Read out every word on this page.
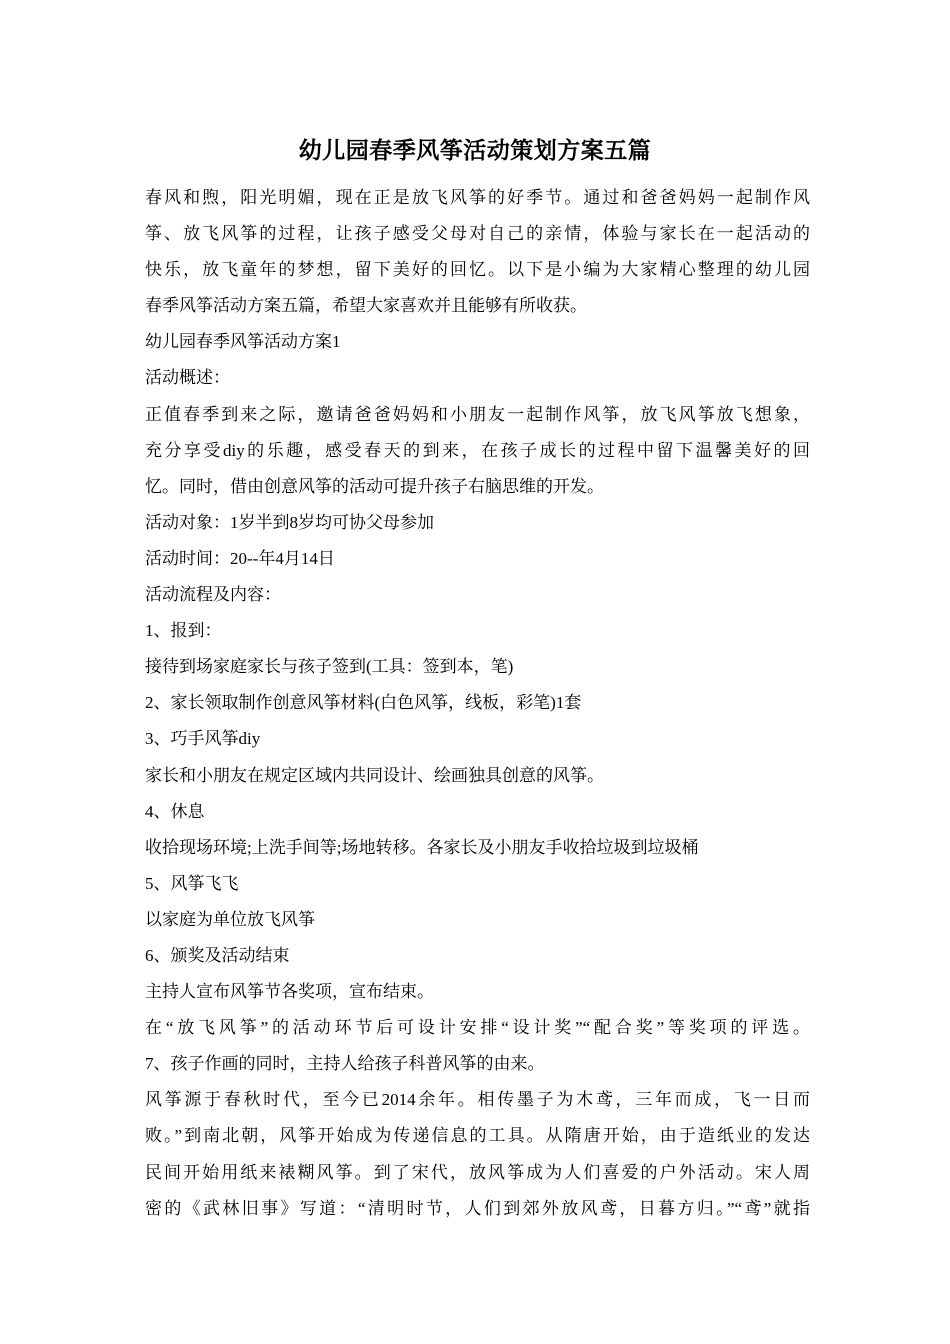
幼儿园春季风筝活动策划方案五篇
春风和煦，阳光明媚，现在正是放飞风筝的好季节。通过和爸爸妈妈一起制作风
筝、放飞风筝的过程，让孩子感受父母对自己的亲情，体验与家长在一起活动的
快乐，放飞童年的梦想，留下美好的回忆。以下是小编为大家精心整理的幼儿园
春季风筝活动方案五篇，希望大家喜欢并且能够有所收获。
幼儿园春季风筝活动方案1
活动概述：
正值春季到来之际，邀请爸爸妈妈和小朋友一起制作风筝，放飞风筝放飞想象，
充分享受diy的乐趣，感受春天的到来，在孩子成长的过程中留下温馨美好的回
忆。同时，借由创意风筝的活动可提升孩子右脑思维的开发。
活动对象：1岁半到8岁均可协父母参加
活动时间：20--年4月14日
活动流程及内容：
1、报到：
接待到场家庭家长与孩子签到(工具：签到本，笔)
2、家长领取制作创意风筝材料(白色风筝，线板，彩笔)1套
3、巧手风筝diy
家长和小朋友在规定区域内共同设计、绘画独具创意的风筝。
4、休息
收拾现场环境;上洗手间等;场地转移。各家长及小朋友手收拾垃圾到垃圾桶
5、风筝飞飞
以家庭为单位放飞风筝
6、颁奖及活动结束
主持人宣布风筝节各奖项，宣布结束。
在“放飞风筝”的活动环节后可设计安排“设计奖”“配合奖”等奖项的评选。
7、孩子作画的同时，主持人给孩子科普风筝的由来。
风筝源于春秋时代，至今已2014余年。相传墨子为木鸢，三年而成，飞一日而
败。”到南北朝，风筝开始成为传递信息的工具。从隋唐开始，由于造纸业的发达
民间开始用纸来裱糊风筝。到了宋代，放风筝成为人们喜爱的户外活动。宋人周
密的《武林旧事》写道：“清明时节，人们到郊外放风鸢，日暮方归。”“鸢”就指
